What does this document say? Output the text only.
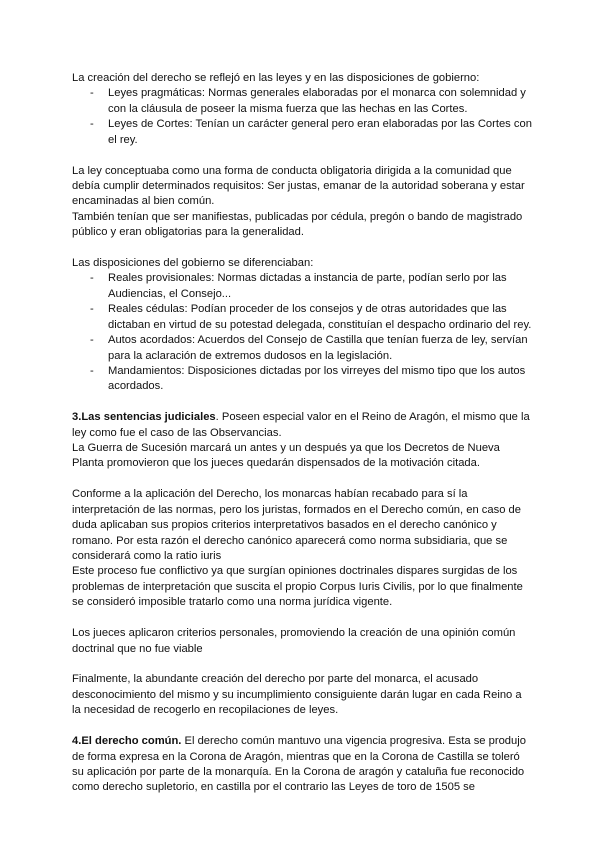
La creación del derecho se reflejó en las leyes y en las disposiciones de gobierno:

- Leyes pragmáticas: Normas generales elaboradas por el monarca con solemnidad y con la cláusula de poseer la misma fuerza que las hechas en las Cortes.
- Leyes de Cortes: Tenían un carácter general pero eran elaboradas por las Cortes con el rey.

La ley conceptuaba como una forma de conducta obligatoria dirigida a la comunidad que debía cumplir determinados requisitos: Ser justas, emanar de la autoridad soberana y estar encaminadas al bien común.

También tenían que ser manifiestas, publicadas por cédula, pregón o bando de magistrado público y eran obligatorias para la generalidad.

Las disposiciones del gobierno se diferenciaban:

- Reales provisionales: Normas dictadas a instancia de parte, podían serlo por las Audiencias, el Consejo...
- Reales cédulas: Podían proceder de los consejos y de otras autoridades que las dictaban en virtud de su potestad delegada, constituían el despacho ordinario del rey.
- Autos acordados: Acuerdos del Consejo de Castilla que tenían fuerza de ley, servían para la aclaración de extremos dudosos en la legislación.
- Mandamientos: Disposiciones dictadas por los virreyes del mismo tipo que los autos acordados.

3.Las sentencias judiciales. Poseen especial valor en el Reino de Aragón, el mismo que la ley como fue el caso de las Observancias.

La Guerra de Sucesión marcará un antes y un después ya que los Decretos de Nueva Planta promovieron que los jueces quedarán dispensados de la motivación citada.

Conforme a la aplicación del Derecho, los monarcas habían recabado para sí la interpretación de las normas, pero los juristas, formados en el Derecho común, en caso de duda aplicaban sus propios criterios interpretativos basados en el derecho canónico y romano. Por esta razón el derecho canónico aparecerá como norma subsidiaria, que se considerará como la ratio iuris

Este proceso fue conflictivo ya que surgían opiniones doctrinales dispares surgidas de los problemas de interpretación que suscita el propio Corpus Iuris Civilis, por lo que finalmente se consideró imposible tratarlo como una norma jurídica vigente.

Los jueces aplicaron criterios personales, promoviendo la creación de una opinión común doctrinal que no fue viable

Finalmente, la abundante creación del derecho por parte del monarca, el acusado desconocimiento del mismo y su incumplimiento consiguiente darán lugar en cada Reino a la necesidad de recogerlo en recopilaciones de leyes.

4.El derecho común. El derecho común mantuvo una vigencia progresiva. Esta se produjo de forma expresa en la Corona de Aragón, mientras que en la Corona de Castilla se toleró su aplicación por parte de la monarquía. En la Corona de aragón y cataluña fue reconocido como derecho supletorio, en castilla por el contrario las Leyes de toro de 1505 se
